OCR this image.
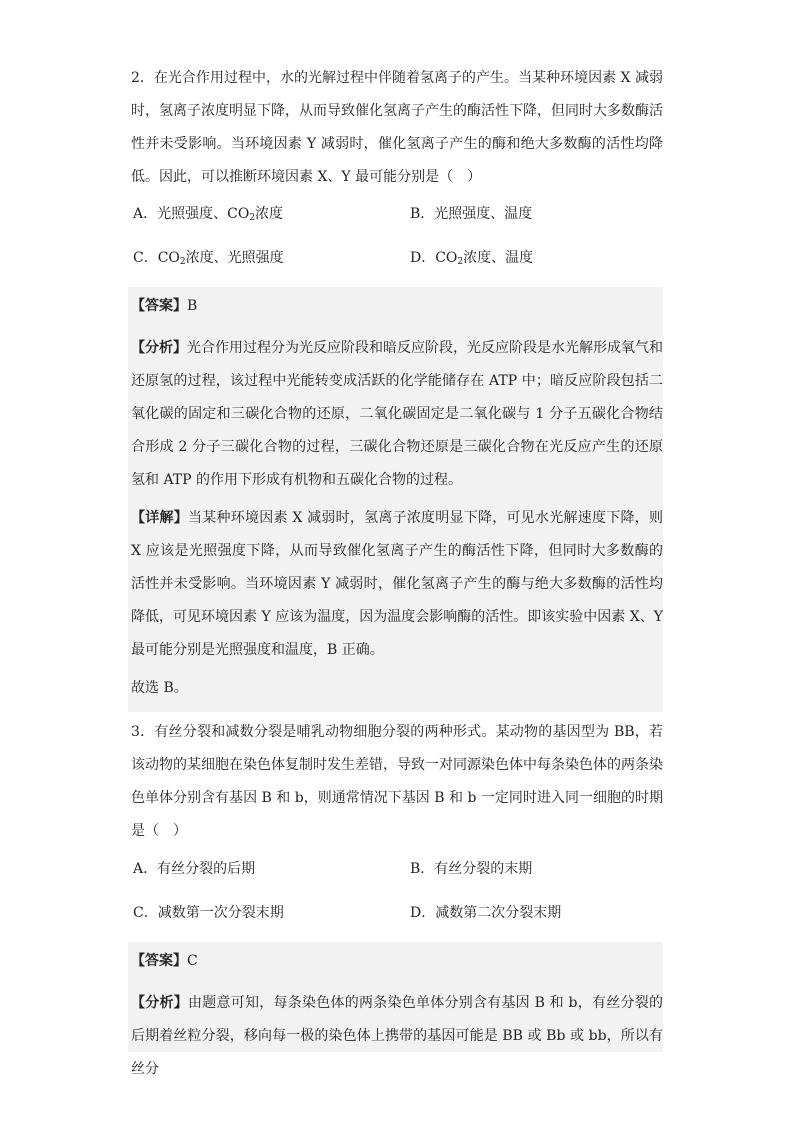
2．在光合作用过程中，水的光解过程中伴随着氢离子的产生。当某种环境因素 X 减弱时，氢离子浓度明显下降，从而导致催化氢离子产生的酶活性下降，但同时大多数酶活性并未受影响。当环境因素 Y 减弱时，催化氢离子产生的酶和绝大多数酶的活性均降低。因此，可以推断环境因素 X、Y 最可能分别是（　）

A．光照强度、$CO_2$浓度	B．光照强度、温度

C．$CO_2$浓度、光照强度	D．$CO_2$浓度、温度

【答案】B

【分析】光合作用过程分为光反应阶段和暗反应阶段，光反应阶段是水光解形成氧气和还原氢的过程，该过程中光能转变成活跃的化学能储存在 ATP 中；暗反应阶段包括二氧化碳的固定和三碳化合物的还原，二氧化碳固定是二氧化碳与 1 分子五碳化合物结合形成 2 分子三碳化合物的过程，三碳化合物还原是三碳化合物在光反应产生的还原氢和 ATP 的作用下形成有机物和五碳化合物的过程。

【详解】当某种环境因素 X 减弱时，氢离子浓度明显下降，可见水光解速度下降，则 X 应该是光照强度下降，从而导致催化氢离子产生的酶活性下降，但同时大多数酶的活性并未受影响。当环境因素 Y 减弱时，催化氢离子产生的酶与绝大多数酶的活性均降低，可见环境因素 Y 应该为温度，因为温度会影响酶的活性。即该实验中因素 X、Y 最可能分别是光照强度和温度，B 正确。

故选 B。

3．有丝分裂和减数分裂是哺乳动物细胞分裂的两种形式。某动物的基因型为 BB，若该动物的某细胞在染色体复制时发生差错，导致一对同源染色体中每条染色体的两条染色单体分别含有基因 B 和 b，则通常情况下基因 B 和 b 一定同时进入同一细胞的时期是（　）

A．有丝分裂的后期	B．有丝分裂的末期

C．减数第一次分裂末期	D．减数第二次分裂末期

【答案】C

【分析】由题意可知，每条染色体的两条染色单体分别含有基因 B 和 b，有丝分裂的后期着丝粒分裂，移向每一极的染色体上携带的基因可能是 BB 或 Bb 或 bb，所以有丝分
